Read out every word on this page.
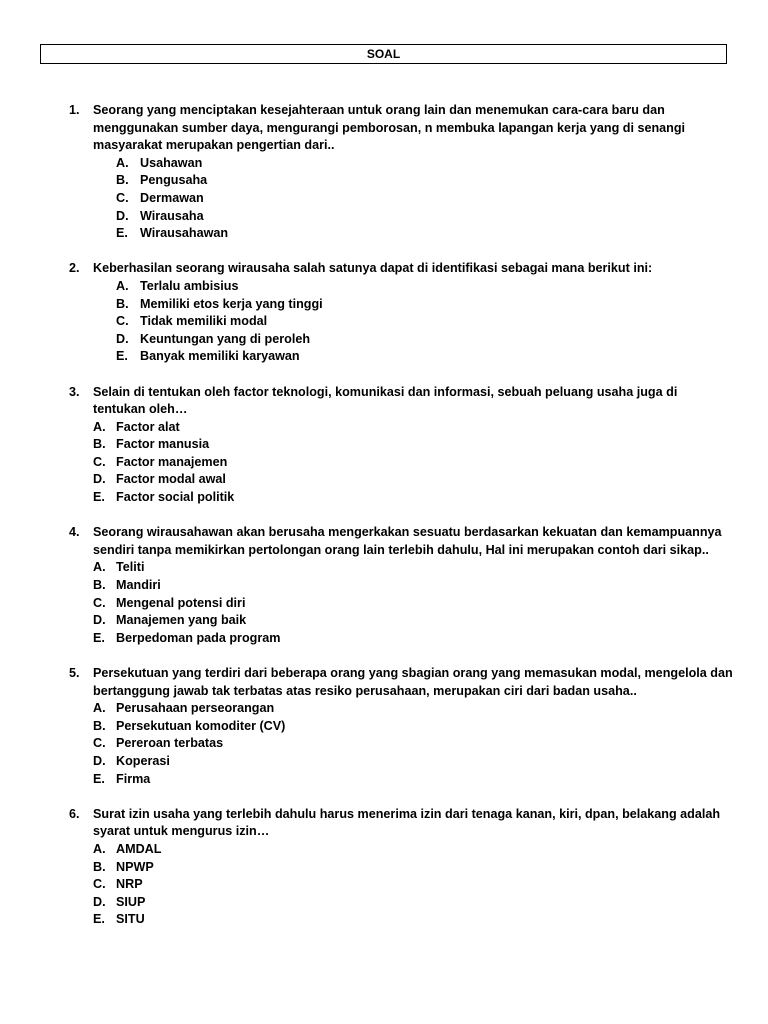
SOAL
1. Seorang yang menciptakan kesejahteraan untuk orang lain dan menemukan cara-cara baru dan menggunakan sumber daya, mengurangi pemborosan, n membuka lapangan kerja yang di senangi masyarakat merupakan pengertian dari..
A. Usahawan
B. Pengusaha
C. Dermawan
D. Wirausaha
E. Wirausahawan
2. Keberhasilan seorang wirausaha salah satunya dapat di identifikasi sebagai mana berikut ini:
A. Terlalu ambisius
B. Memiliki etos kerja yang tinggi
C. Tidak memiliki modal
D. Keuntungan yang di peroleh
E. Banyak memiliki karyawan
3. Selain di tentukan oleh factor teknologi, komunikasi dan informasi, sebuah peluang usaha juga di tentukan oleh…
A. Factor alat
B. Factor manusia
C. Factor manajemen
D. Factor modal awal
E. Factor social politik
4. Seorang wirausahawan akan berusaha mengerkakan sesuatu berdasarkan kekuatan dan kemampuannya sendiri tanpa memikirkan pertolongan orang lain terlebih dahulu, Hal ini merupakan contoh dari sikap..
A. Teliti
B. Mandiri
C. Mengenal potensi diri
D. Manajemen yang baik
E. Berpedoman pada program
5. Persekutuan yang terdiri dari beberapa orang yang sbagian orang yang memasukan modal, mengelola dan bertanggung jawab tak terbatas atas resiko perusahaan, merupakan ciri dari badan usaha..
A. Perusahaan perseorangan
B. Persekutuan komoditer (CV)
C. Pereroan terbatas
D. Koperasi
E. Firma
6. Surat izin usaha yang terlebih dahulu harus menerima izin dari tenaga kanan, kiri, dpan, belakang adalah syarat untuk mengurus izin…
A. AMDAL
B. NPWP
C. NRP
D. SIUP
E. SITU
